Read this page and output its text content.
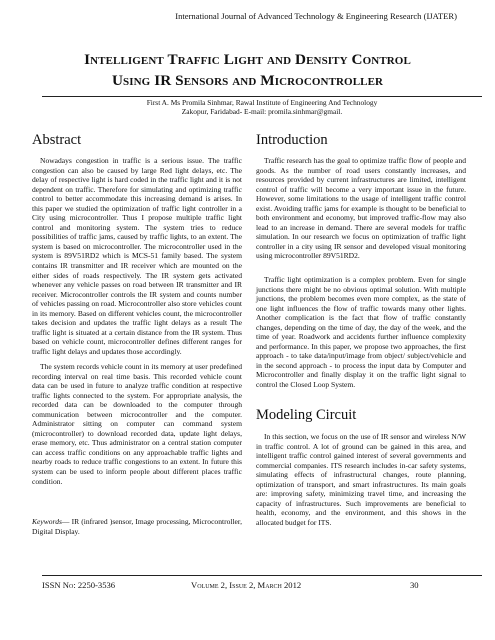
International Journal of Advanced Technology & Engineering Research (IJATER)
Intelligent Traffic Light and Density Control
Using IR Sensors and Microcontroller
First A. Ms Promila Sinhmar, Rawal Institute of Engineering And Technology
Zakopur, Faridabad- E-mail: promila.sinhmar@gmail.
Abstract

Nowadays congestion in traffic is a serious issue. The traffic congestion can also be caused by large Red light delays, etc. The delay of respective light is hard coded in the traffic light and it is not dependent on traffic. Therefore for simulating and optimizing traffic control to better accommodate this increasing demand is arises. In this paper we studied the optimization of traffic light controller in a City using microcontroller. Thus I propose multiple traffic light control and monitoring system. The system tries to reduce possibilities of traffic jams, caused by traffic lights, to an extent. The system is based on microcontroller. The microcontroller used in the system is 89V51RD2 which is MCS-51 family based. The system contains IR transmitter and IR receiver which are mounted on the either sides of roads respectively. The IR system gets activated whenever any vehicle passes on road between IR transmitter and IR receiver. Microcontroller controls the IR system and counts number of vehicles passing on road. Microcontroller also store vehicles count in its memory. Based on different vehicles count, the microcontroller takes decision and updates the traffic light delays as a result The traffic light is situated at a certain distance from the IR system. Thus based on vehicle count, microcontroller defines different ranges for traffic light delays and updates those accordingly.

The system records vehicle count in its memory at user predefined recording interval on real time basis. This recorded vehicle count data can be used in future to analyze traffic condition at respective traffic lights connected to the system. For appropriate analysis, the recorded data can be downloaded to the computer through communication between microcontroller and the computer. Administrator sitting on computer can command system (microcontroller) to download recorded data, update light delays, erase memory, etc. Thus administrator on a central station computer can access traffic conditions on any approachable traffic lights and nearby roads to reduce traffic congestions to an extent. In future this system can be used to inform people about different places traffic condition.

Keywords— IR (infrared )sensor, Image processing, Microcontroller, Digital Display.

Introduction

Traffic research has the goal to optimize traffic flow of people and goods. As the number of road users constantly increases, and resources provided by current infrastructures are limited, intelligent control of traffic will become a very important issue in the future. However, some limitations to the usage of intelligent traffic control exist. Avoiding traffic jams for example is thought to be beneficial to both environment and economy, but improved traffic-flow may also lead to an increase in demand. There are several models for traffic simulation. In our research we focus on optimization of traffic light controller in a city using IR sensor and developed visual monitoring using microcontroller 89V51RD2.

Traffic light optimization is a complex problem. Even for single junctions there might be no obvious optimal solution. With multiple junctions, the problem becomes even more complex, as the state of one light influences the flow of traffic towards many other lights. Another complication is the fact that flow of traffic constantly changes, depending on the time of day, the day of the week, and the time of year. Roadwork and accidents further influence complexity and performance. In this paper, we propose two approaches, the first approach - to take data/input/image from object/ subject/vehicle and in the second approach - to process the input data by Computer and Microcontroller and finally display it on the traffic light signal to control the Closed Loop System.

Modeling Circuit

In this section, we focus on the use of IR sensor and wireless N/W in traffic control. A lot of ground can be gained in this area, and intelligent traffic control gained interest of several governments and commercial companies. ITS research includes in-car safety systems, simulating effects of infrastructural changes, route planning, optimization of transport, and smart infrastructures. Its main goals are: improving safety, minimizing travel time, and increasing the capacity of infrastructures. Such improvements are beneficial to health, economy, and the environment, and this shows in the allocated budget for ITS.

ISSN No: 2250-3536	Volume 2, Issue 2, March 2012	30
